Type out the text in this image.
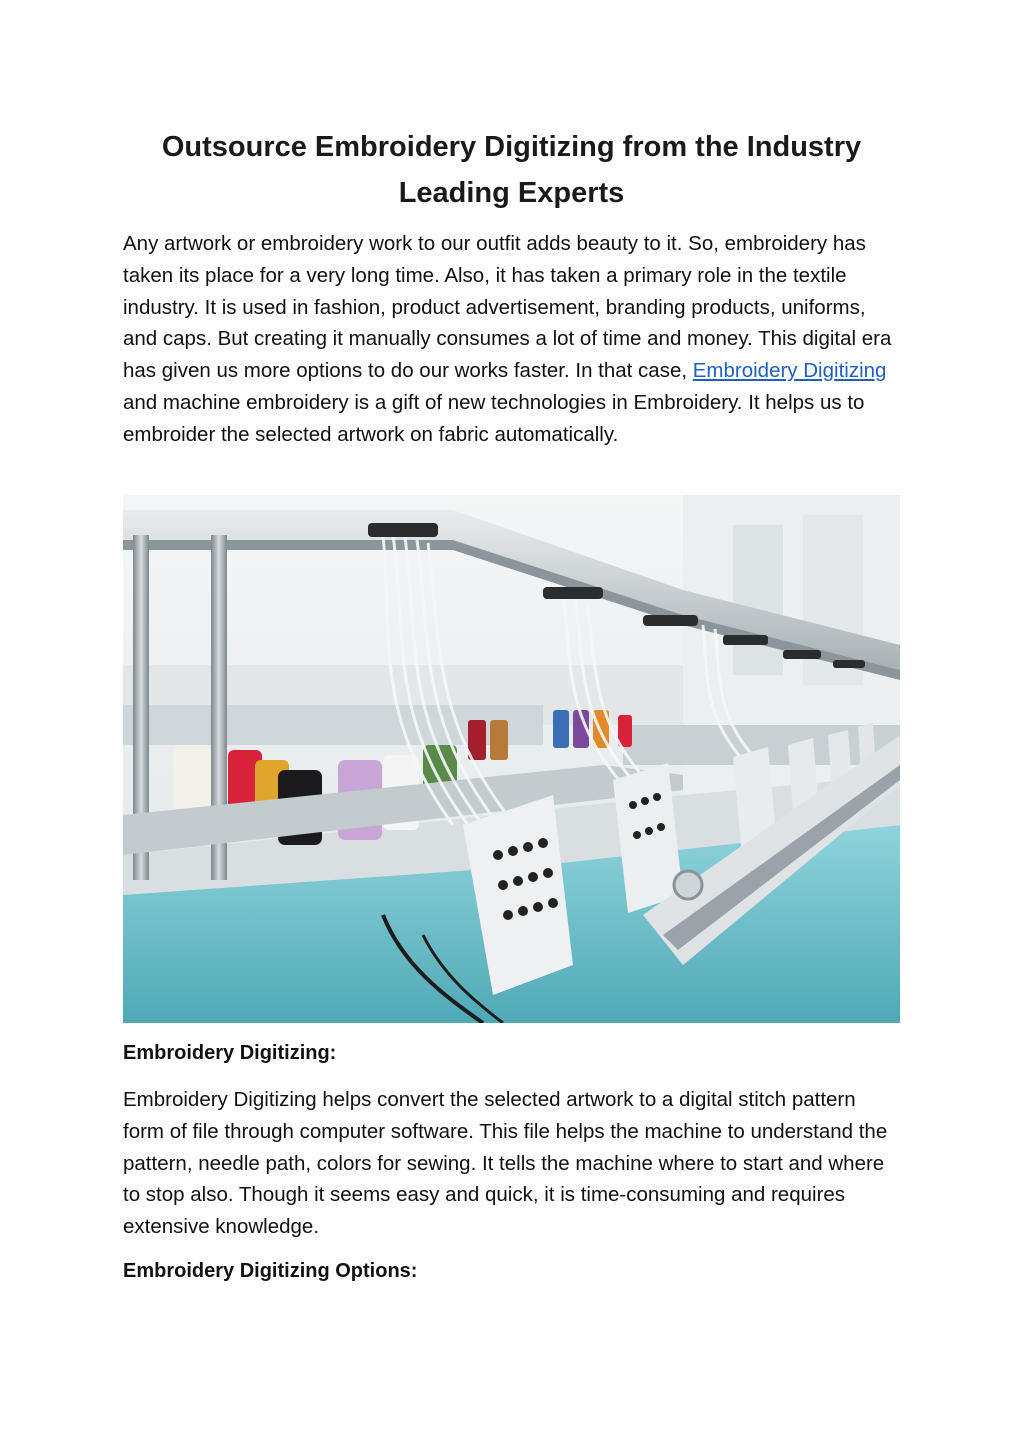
Outsource Embroidery Digitizing from the Industry Leading Experts

Any artwork or embroidery work to our outfit adds beauty to it. So, embroidery has taken its place for a very long time. Also, it has taken a primary role in the textile industry. It is used in fashion, product advertisement, branding products, uniforms, and caps. But creating it manually consumes a lot of time and money. This digital era has given us more options to do our works faster. In that case, Embroidery Digitizing and machine embroidery is a gift of new technologies in Embroidery. It helps us to embroider the selected artwork on fabric automatically.

Embroidery Digitizing:

Embroidery Digitizing helps convert the selected artwork to a digital stitch pattern form of file through computer software. This file helps the machine to understand the pattern, needle path, colors for sewing. It tells the machine where to start and where to stop also. Though it seems easy and quick, it is time-consuming and requires extensive knowledge.

Embroidery Digitizing Options:
